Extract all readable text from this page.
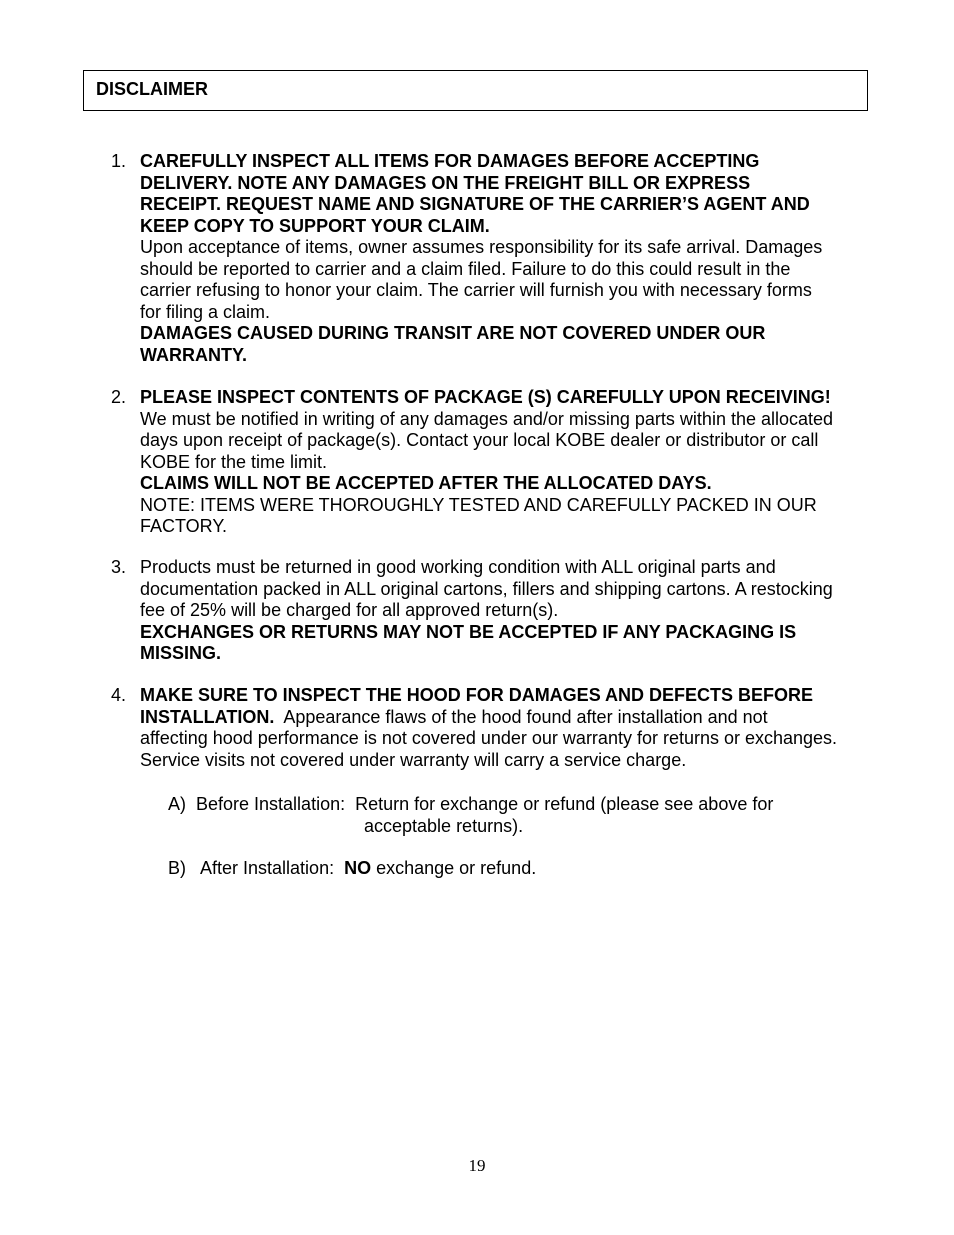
DISCLAIMER
1. CAREFULLY INSPECT ALL ITEMS FOR DAMAGES BEFORE ACCEPTING
DELIVERY. NOTE ANY DAMAGES ON THE FREIGHT BILL OR EXPRESS
RECEIPT. REQUEST NAME AND SIGNATURE OF THE CARRIER’S AGENT AND
KEEP COPY TO SUPPORT YOUR CLAIM.
Upon acceptance of items, owner assumes responsibility for its safe arrival. Damages
should be reported to carrier and a claim filed. Failure to do this could result in the
carrier refusing to honor your claim. The carrier will furnish you with necessary forms
for filing a claim.
DAMAGES CAUSED DURING TRANSIT ARE NOT COVERED UNDER OUR
WARRANTY.
2. PLEASE INSPECT CONTENTS OF PACKAGE (S) CAREFULLY UPON RECEIVING!
We must be notified in writing of any damages and/or missing parts within the allocated
days upon receipt of package(s). Contact your local KOBE dealer or distributor or call
KOBE for the time limit.
CLAIMS WILL NOT BE ACCEPTED AFTER THE ALLOCATED DAYS.
NOTE: ITEMS WERE THOROUGHLY TESTED AND CAREFULLY PACKED IN OUR
FACTORY.
3. Products must be returned in good working condition with ALL original parts and
documentation packed in ALL original cartons, fillers and shipping cartons. A restocking
fee of 25% will be charged for all approved return(s).
EXCHANGES OR RETURNS MAY NOT BE ACCEPTED IF ANY PACKAGING IS
MISSING.
4. MAKE SURE TO INSPECT THE HOOD FOR DAMAGES AND DEFECTS BEFORE
INSTALLATION.  Appearance flaws of the hood found after installation and not
affecting hood performance is not covered under our warranty for returns or exchanges.
Service visits not covered under warranty will carry a service charge.
A)  Before Installation:  Return for exchange or refund (please see above for
acceptable returns).
B)   After Installation:  NO exchange or refund.
19
